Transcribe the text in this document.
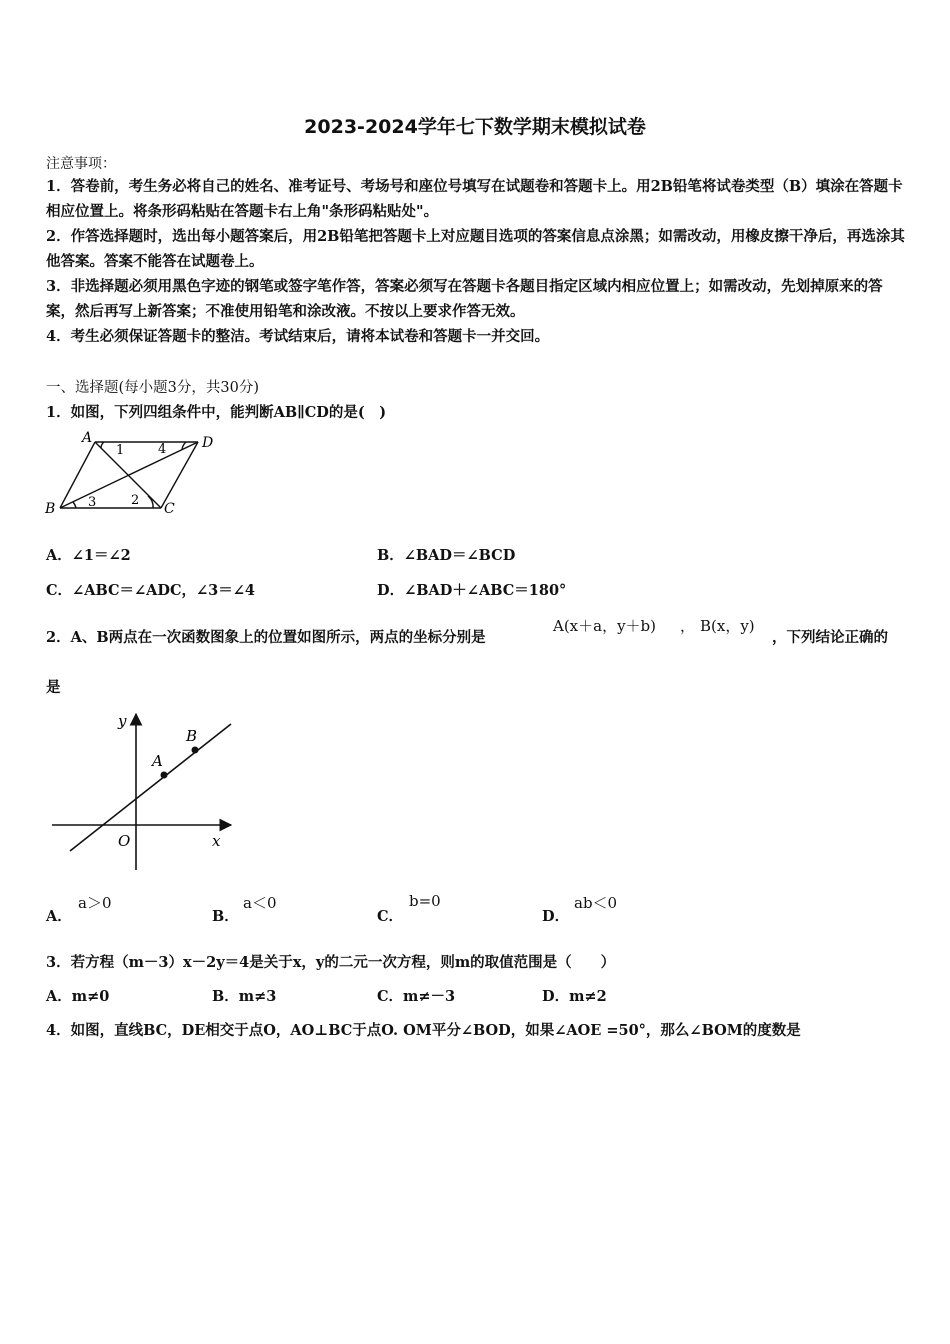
2023-2024学年七下数学期末模拟试卷
注意事项：
1．答卷前，考生务必将自己的姓名、准考证号、考场号和座位号填写在试题卷和答题卡上。用2B铅笔将试卷类型（B）填涂在答题卡相应位置上。将条形码粘贴在答题卡右上角"条形码粘贴处"。
2．作答选择题时，选出每小题答案后，用2B铅笔把答题卡上对应题目选项的答案信息点涂黑；如需改动，用橡皮擦干净后，再选涂其他答案。答案不能答在试题卷上。
3．非选择题必须用黑色字迹的钢笔或签字笔作答，答案必须写在答题卡各题目指定区域内相应位置上；如需改动，先划掉原来的答案，然后再写上新答案；不准使用铅笔和涂改液。不按以上要求作答无效。
4．考生必须保证答题卡的整洁。考试结束后，请将本试卷和答题卡一并交回。
一、选择题(每小题3分，共30分)
1．如图，下列四组条件中，能判断AB∥CD的是(　)
A	D
B	C
1	4
3	2
A．∠1＝∠2	B．∠BAD＝∠BCD
C．∠ABC＝∠ADC，∠3＝∠4	D．∠BAD＋∠ABC＝180°
2．A、B两点在一次函数图象上的位置如图所示，两点的坐标分别是
A(x＋a，y＋b) ， B(x，y)
，下列结论正确的
是
y
x
O
A
B
A．
a＞0
B．
a＜0
C．
b=0
D．
ab＜0
3．若方程（m－3）x－2y＝4是关于x，y的二元一次方程，则m的取值范围是（　　）
A．m≠0	B．m≠3	C．m≠－3	D．m≠2
4．如图，直线BC，DE相交于点O，AO⊥BC于点O. OM平分∠BOD，如果∠AOE =50°，那么∠BOM的度数是
